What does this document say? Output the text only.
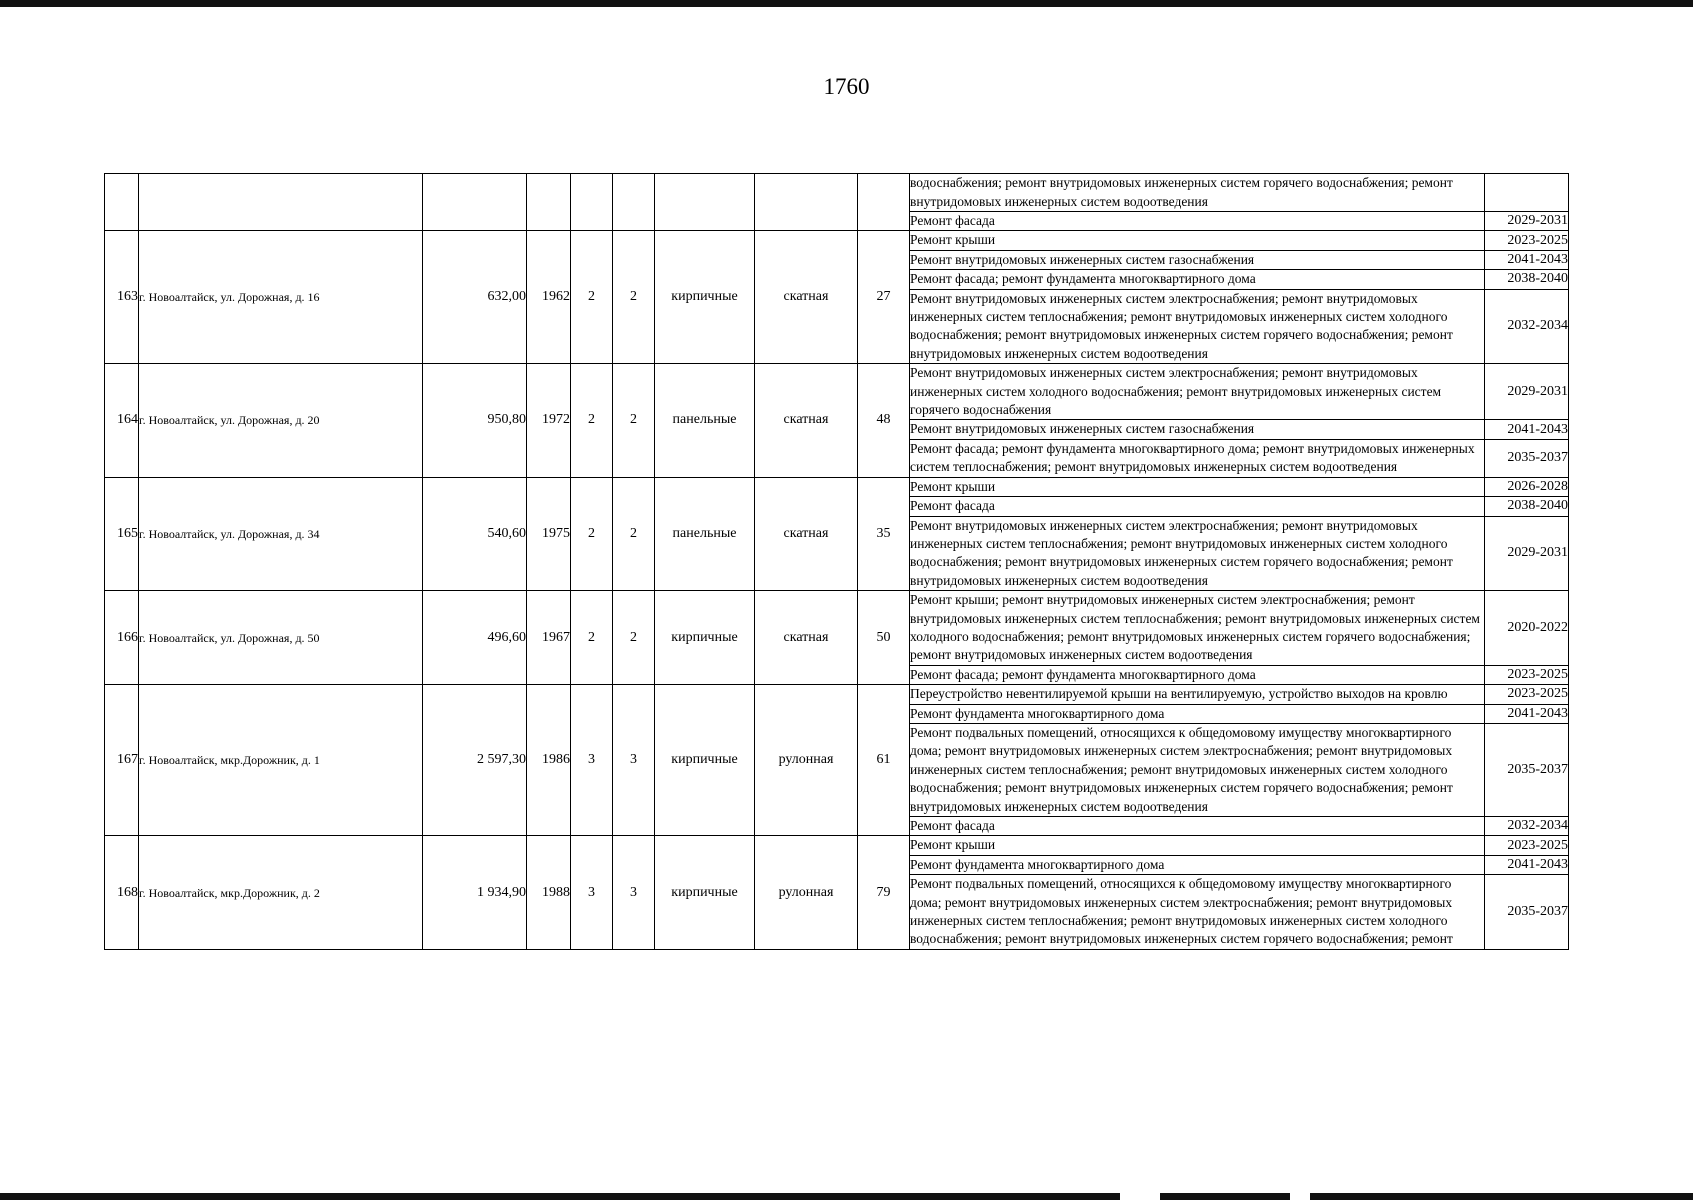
1760
									водоснабжения; ремонт внутридомовых инженерных систем горячего водоснабжения; ремонт внутридомовых инженерных систем водоотведения	
									Ремонт фасада	2029-2031
163	г. Новоалтайск, ул. Дорожная, д. 16	632,00	1962	2	2	кирпичные	скатная	27	Ремонт крыши	2023-2025
									Ремонт внутридомовых инженерных систем газоснабжения	2041-2043
									Ремонт фасада; ремонт фундамента многоквартирного дома	2038-2040
									Ремонт внутридомовых инженерных систем электроснабжения; ремонт внутридомовых инженерных систем теплоснабжения; ремонт внутридомовых инженерных систем холодного водоснабжения; ремонт внутридомовых инженерных систем горячего водоснабжения; ремонт внутридомовых инженерных систем водоотведения	2032-2034
164	г. Новоалтайск, ул. Дорожная, д. 20	950,80	1972	2	2	панельные	скатная	48	Ремонт внутридомовых инженерных систем электроснабжения; ремонт внутридомовых инженерных систем холодного водоснабжения; ремонт внутридомовых инженерных систем горячего водоснабжения	2029-2031
									Ремонт внутридомовых инженерных систем газоснабжения	2041-2043
									Ремонт фасада; ремонт фундамента многоквартирного дома; ремонт внутридомовых инженерных систем теплоснабжения; ремонт внутридомовых инженерных систем водоотведения	2035-2037
165	г. Новоалтайск, ул. Дорожная, д. 34	540,60	1975	2	2	панельные	скатная	35	Ремонт крыши	2026-2028
									Ремонт фасада	2038-2040
									Ремонт внутридомовых инженерных систем электроснабжения; ремонт внутридомовых инженерных систем теплоснабжения; ремонт внутридомовых инженерных систем холодного водоснабжения; ремонт внутридомовых инженерных систем горячего водоснабжения; ремонт внутридомовых инженерных систем водоотведения	2029-2031
166	г. Новоалтайск, ул. Дорожная, д. 50	496,60	1967	2	2	кирпичные	скатная	50	Ремонт крыши; ремонт внутридомовых инженерных систем электроснабжения; ремонт внутридомовых инженерных систем теплоснабжения; ремонт внутридомовых инженерных систем холодного водоснабжения; ремонт внутридомовых инженерных систем горячего водоснабжения; ремонт внутридомовых инженерных систем водоотведения	2020-2022
									Ремонт фасада; ремонт фундамента многоквартирного дома	2023-2025
167	г. Новоалтайск, мкр.Дорожник, д. 1	2 597,30	1986	3	3	кирпичные	рулонная	61	Переустройство невентилируемой крыши на вентилируемую, устройство выходов на кровлю	2023-2025
									Ремонт фундамента многоквартирного дома	2041-2043
									Ремонт подвальных помещений, относящихся к общедомовому имуществу многоквартирного дома; ремонт внутридомовых инженерных систем электроснабжения; ремонт внутридомовых инженерных систем теплоснабжения; ремонт внутридомовых инженерных систем холодного водоснабжения; ремонт внутридомовых инженерных систем горячего водоснабжения; ремонт внутридомовых инженерных систем водоотведения	2035-2037
									Ремонт фасада	2032-2034
168	г. Новоалтайск, мкр.Дорожник, д. 2	1 934,90	1988	3	3	кирпичные	рулонная	79	Ремонт крыши	2023-2025
									Ремонт фундамента многоквартирного дома	2041-2043
									Ремонт подвальных помещений, относящихся к общедомовому имуществу многоквартирного дома; ремонт внутридомовых инженерных систем электроснабжения; ремонт внутридомовых инженерных систем теплоснабжения; ремонт внутридомовых инженерных систем холодного водоснабжения; ремонт внутридомовых инженерных систем горячего водоснабжения; ремонт	2035-2037
